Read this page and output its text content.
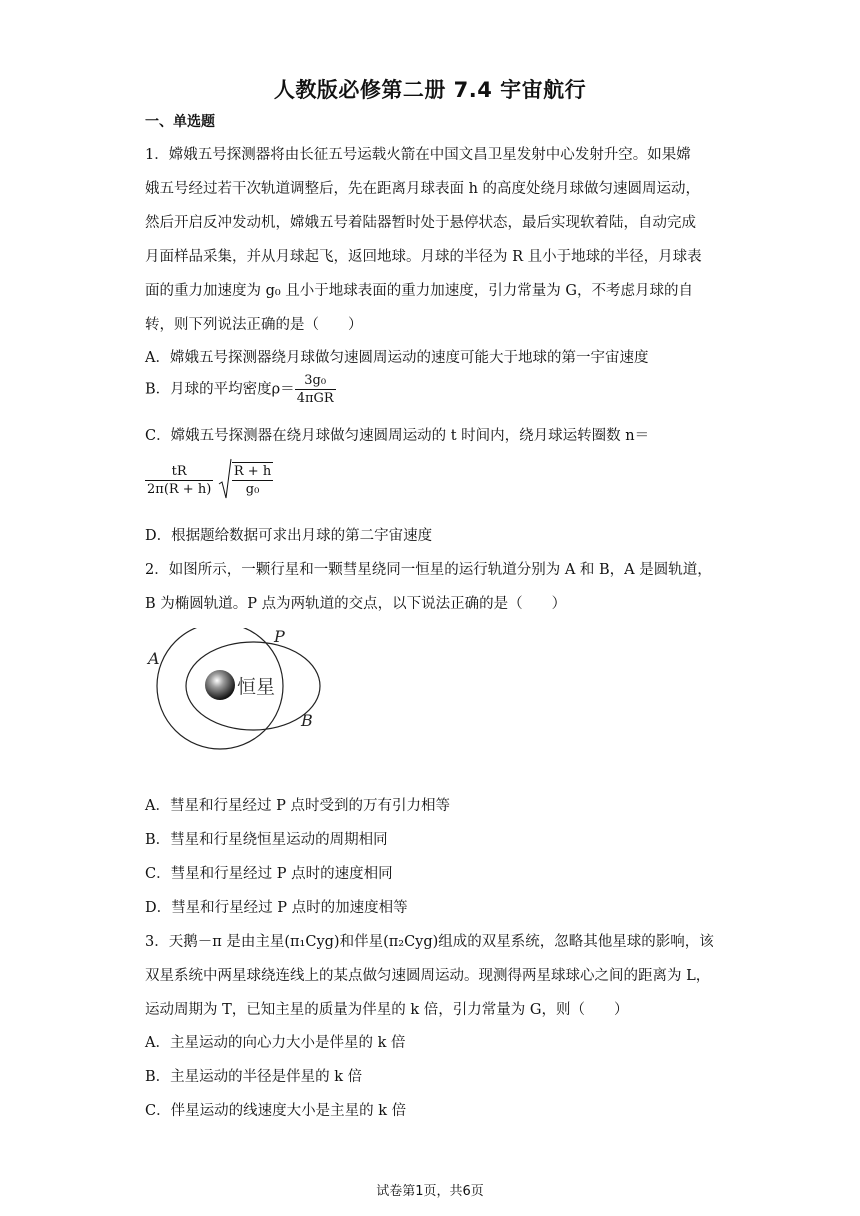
人教版必修第二册 7.4 宇宙航行
一、单选题
1．嫦娥五号探测器将由长征五号运载火箭在中国文昌卫星发射中心发射升空。如果嫦
娥五号经过若干次轨道调整后，先在距离月球表面 h 的高度处绕月球做匀速圆周运动，
然后开启反冲发动机，嫦娥五号着陆器暂时处于悬停状态，最后实现软着陆，自动完成
月面样品采集，并从月球起飞，返回地球。月球的半径为 R 且小于地球的半径，月球表
面的重力加速度为 g₀ 且小于地球表面的重力加速度，引力常量为 G，不考虑月球的自
转，则下列说法正确的是（　　）
A．嫦娥五号探测器绕月球做匀速圆周运动的速度可能大于地球的第一宇宙速度
B．月球的平均密度$\rho= \frac{\text{3g₀}}{\text{4πGR}}$
C．嫦娥五号探测器在绕月球做匀速圆周运动的 t 时间内，绕月球运转圈数 n＝
$\frac{tR}{2\pi(R + h)}$
$\frac{R + h}{\text{g₀}}$
D．根据题给数据可求出月球的第二宇宙速度
2．如图所示，一颗行星和一颗彗星绕同一恒星的运行轨道分别为 A 和 B，A 是圆轨道，
B 为椭圆轨道。P 点为两轨道的交点，以下说法正确的是（　　）
恒星
A
P
B
A．彗星和行星经过 P 点时受到的万有引力相等
B．彗星和行星绕恒星运动的周期相同
C．彗星和行星经过 P 点时的速度相同
D．彗星和行星经过 P 点时的加速度相等
3．天鹅－π 是由主星(π₁Cyg)和伴星(π₂Cyg)组成的双星系统，忽略其他星球的影响，该
双星系统中两星球绕连线上的某点做匀速圆周运动。现测得两星球球心之间的距离为 L，
运动周期为 T，已知主星的质量为伴星的 k 倍，引力常量为 G，则（　　）
A．主星运动的向心力大小是伴星的 k 倍
B．主星运动的半径是伴星的 k 倍
C．伴星运动的线速度大小是主星的 k 倍
试卷第1页，共6页
